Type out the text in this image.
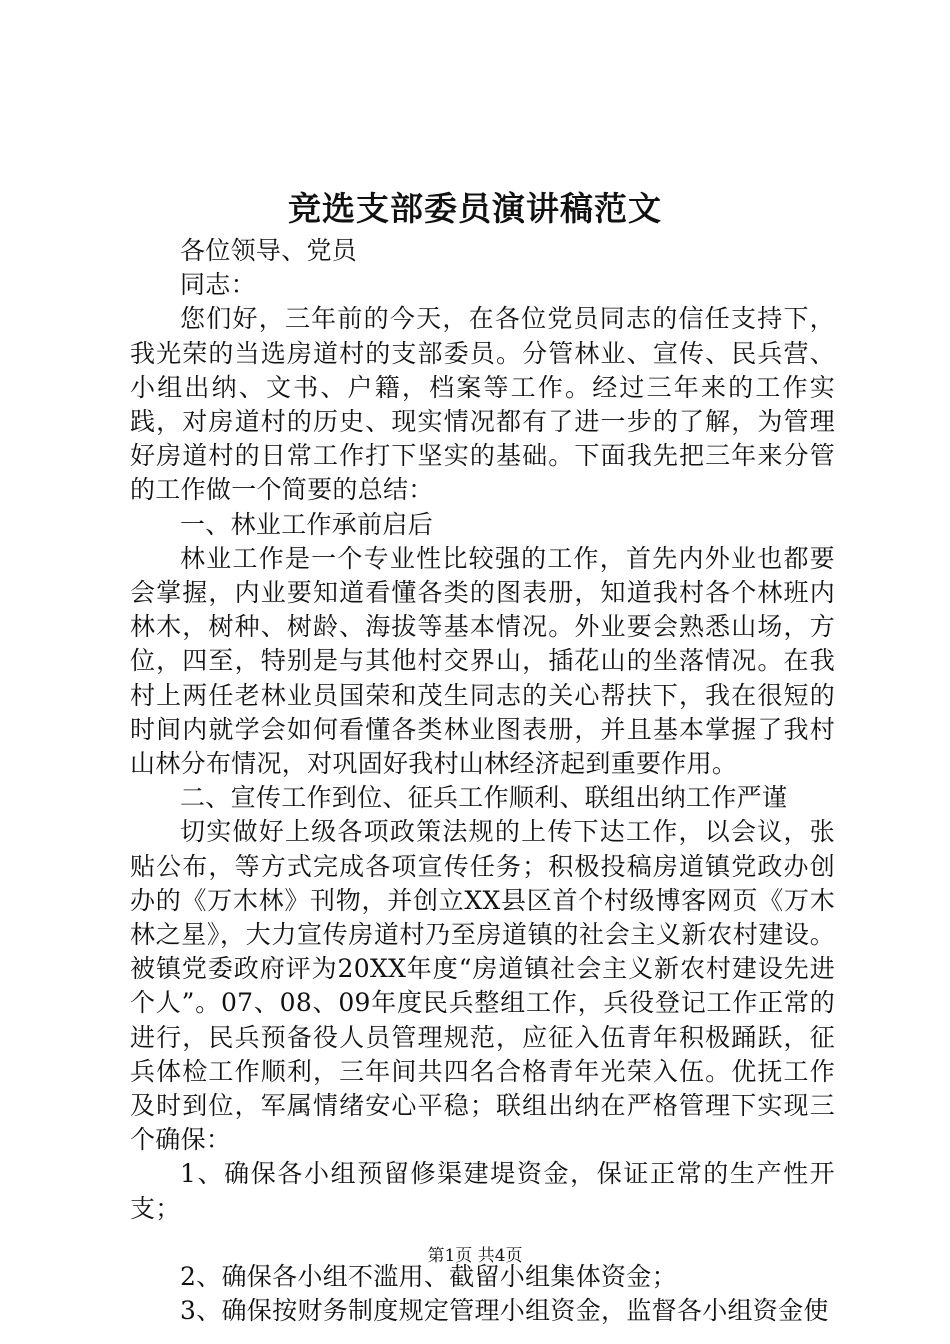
竞选支部委员演讲稿范文

各位领导、党员

同志：

您们好，三年前的今天，在各位党员同志的信任支持下，我光荣的当选房道村的支部委员。分管林业、宣传、民兵营、小组出纳、文书、户籍，档案等工作。经过三年来的工作实践，对房道村的历史、现实情况都有了进一步的了解，为管理好房道村的日常工作打下坚实的基础。下面我先把三年来分管的工作做一个简要的总结：

一、林业工作承前启后

林业工作是一个专业性比较强的工作，首先内外业也都要会掌握，内业要知道看懂各类的图表册，知道我村各个林班内林木，树种、树龄、海拔等基本情况。外业要会熟悉山场，方位，四至，特别是与其他村交界山，插花山的坐落情况。在我村上两任老林业员国荣和茂生同志的关心帮扶下，我在很短的时间内就学会如何看懂各类林业图表册，并且基本掌握了我村山林分布情况，对巩固好我村山林经济起到重要作用。

二、宣传工作到位、征兵工作顺利、联组出纳工作严谨

切实做好上级各项政策法规的上传下达工作，以会议，张贴公布，等方式完成各项宣传任务；积极投稿房道镇党政办创办的《万木林》刊物，并创立XX县区首个村级博客网页《万木林之星》，大力宣传房道村乃至房道镇的社会主义新农村建设。被镇党委政府评为20XX年度“房道镇社会主义新农村建设先进个人”。07、08、09年度民兵整组工作，兵役登记工作正常的进行，民兵预备役人员管理规范，应征入伍青年积极踊跃，征兵体检工作顺利，三年间共四名合格青年光荣入伍。优抚工作及时到位，军属情绪安心平稳；联组出纳在严格管理下实现三个确保：

1、确保各小组预留修渠建堤资金，保证正常的生产性开支；

2、确保各小组不滥用、截留小组集体资金；

3、确保按财务制度规定管理小组资金，监督各小组资金使

第1页 共4页
